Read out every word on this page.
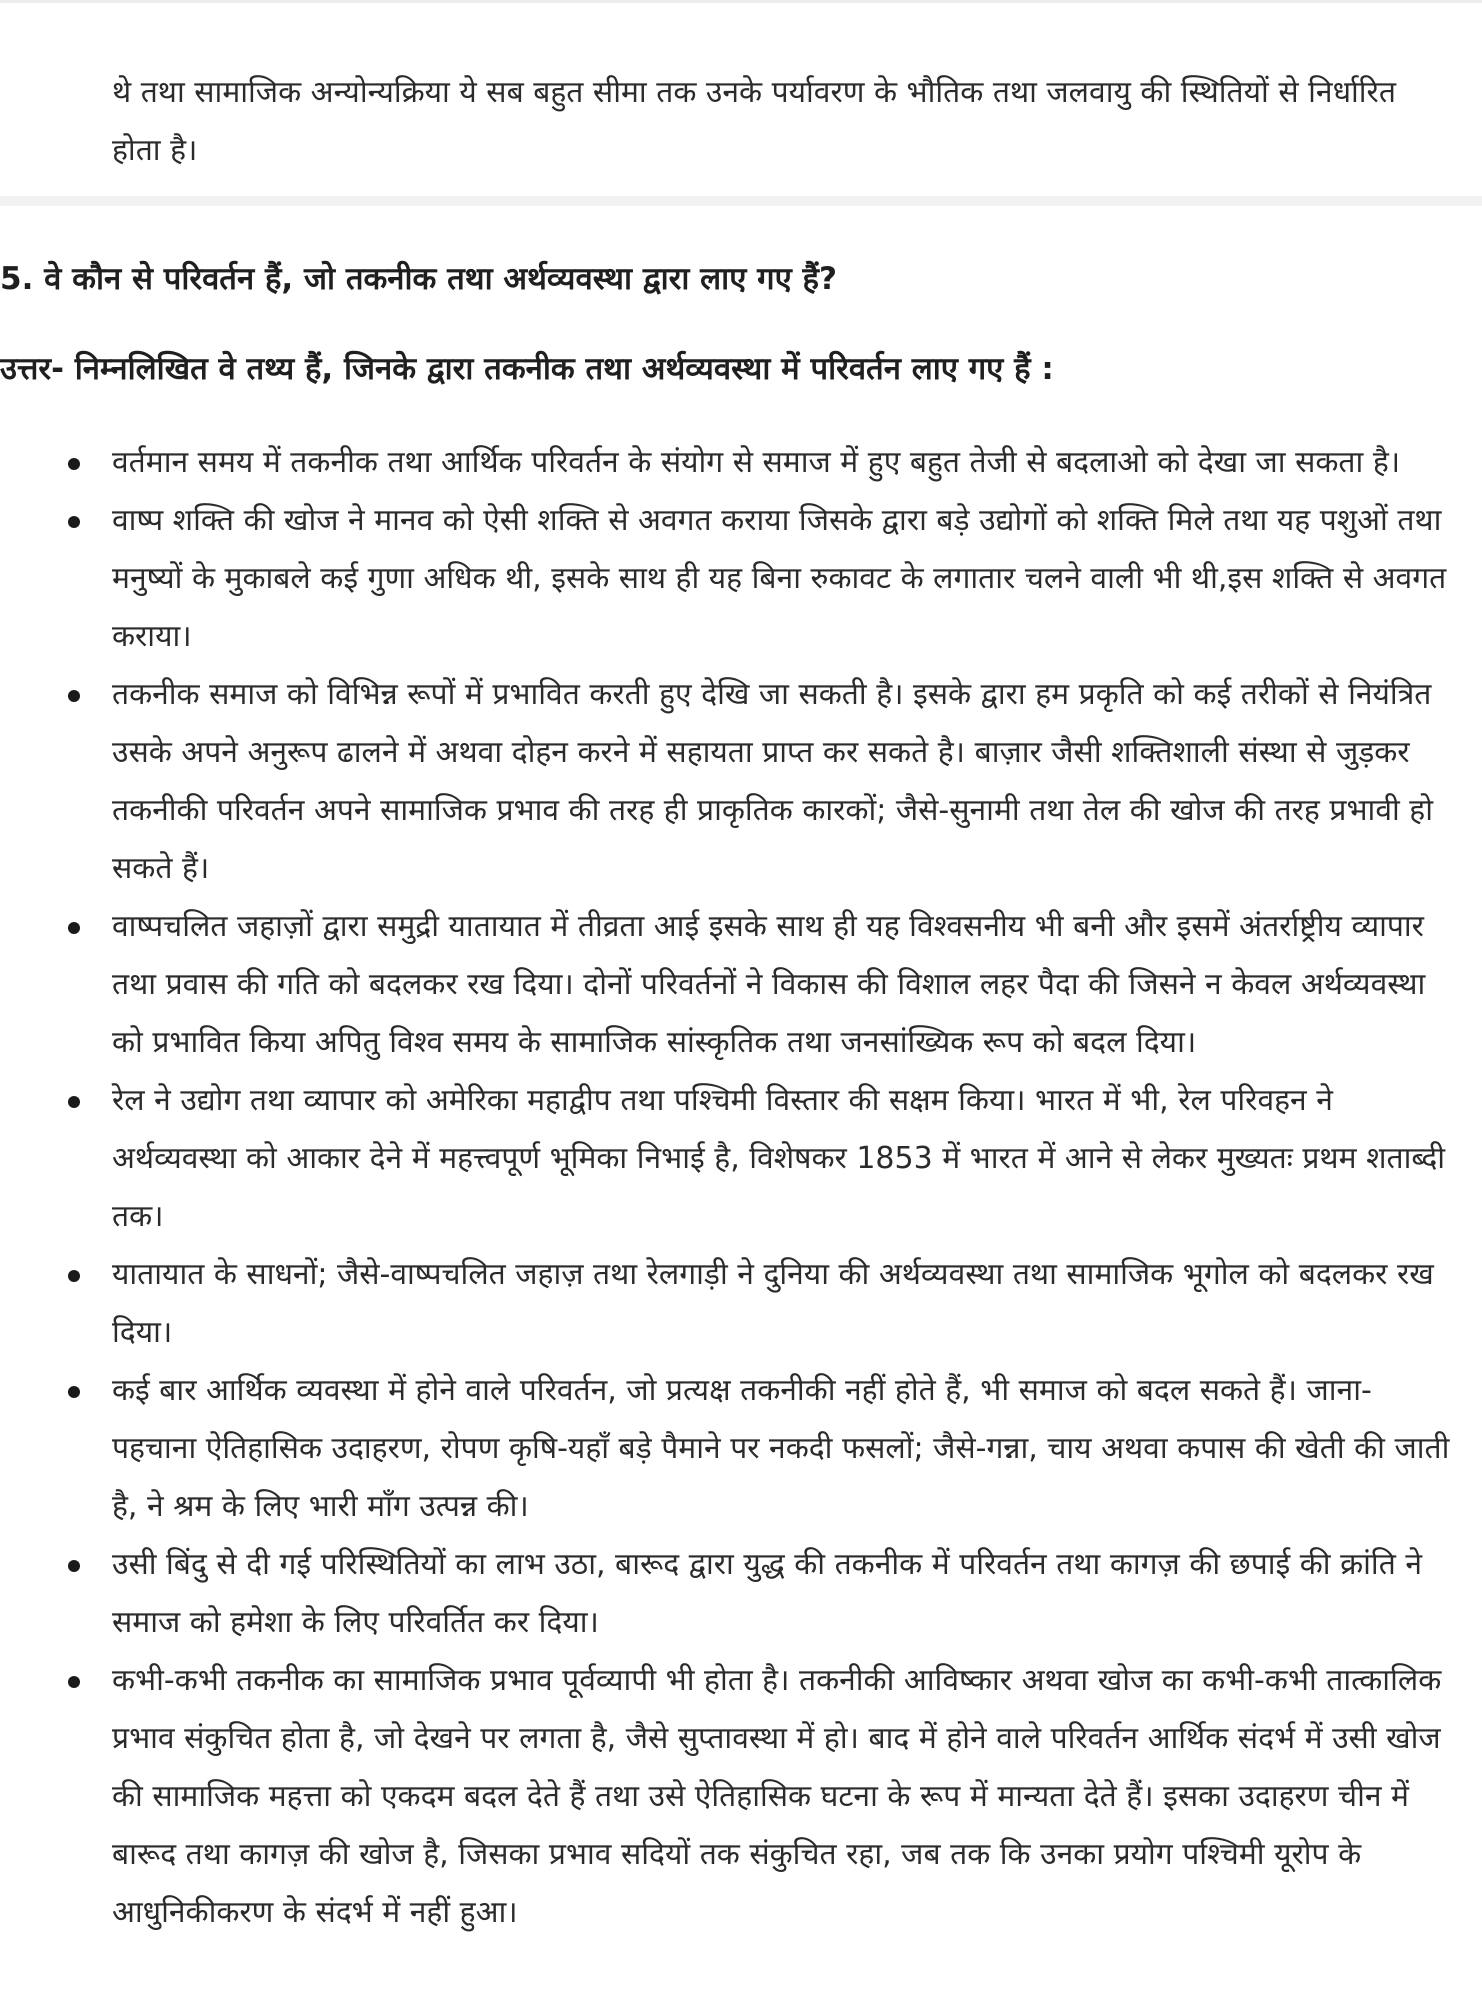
थे तथा सामाजिक अन्योन्यक्रिया ये सब बहुत सीमा तक उनके पर्यावरण के भौतिक तथा जलवायु की स्थितियों से निर्धारित होता है।

5. वे कौन से परिवर्तन हैं, जो तकनीक तथा अर्थव्यवस्था द्वारा लाए गए हैं?

उत्तर- निम्नलिखित वे तथ्य हैं, जिनके द्वारा तकनीक तथा अर्थव्यवस्था में परिवर्तन लाए गए हैं :

वर्तमान समय में तकनीक तथा आर्थिक परिवर्तन के संयोग से समाज में हुए बहुत तेजी से बदलाओ को देखा जा सकता है।
वाष्प शक्ति की खोज ने मानव को ऐसी शक्ति से अवगत कराया जिसके द्वारा बड़े उद्योगों को शक्ति मिले तथा यह पशुओं तथा मनुष्यों के मुकाबले कई गुणा अधिक थी, इसके साथ ही यह बिना रुकावट के लगातार चलने वाली भी थी,इस शक्ति से अवगत कराया।
तकनीक समाज को विभिन्न रूपों में प्रभावित करती हुए देखि जा सकती है। इसके द्वारा हम प्रकृति को कई तरीकों से नियंत्रित उसके अपने अनुरूप ढालने में अथवा दोहन करने में सहायता प्राप्त कर सकते है। बाज़ार जैसी शक्तिशाली संस्था से जुड़कर तकनीकी परिवर्तन अपने सामाजिक प्रभाव की तरह ही प्राकृतिक कारकों; जैसे-सुनामी तथा तेल की खोज की तरह प्रभावी हो सकते हैं।
वाष्पचलित जहाज़ों द्वारा समुद्री यातायात में तीव्रता आई इसके साथ ही यह विश्वसनीय भी बनी और इसमें अंतर्राष्ट्रीय व्यापार तथा प्रवास की गति को बदलकर रख दिया। दोनों परिवर्तनों ने विकास की विशाल लहर पैदा की जिसने न केवल अर्थव्यवस्था को प्रभावित किया अपितु विश्व समय के सामाजिक सांस्कृतिक तथा जनसांख्यिक रूप को बदल दिया।
रेल ने उद्योग तथा व्यापार को अमेरिका महाद्वीप तथा पश्चिमी विस्तार की सक्षम किया। भारत में भी, रेल परिवहन ने अर्थव्यवस्था को आकार देने में महत्त्वपूर्ण भूमिका निभाई है, विशेषकर 1853 में भारत में आने से लेकर मुख्यतः प्रथम शताब्दी तक।
यातायात के साधनों; जैसे-वाष्पचलित जहाज़ तथा रेलगाड़ी ने दुनिया की अर्थव्यवस्था तथा सामाजिक भूगोल को बदलकर रख दिया।
कई बार आर्थिक व्यवस्था में होने वाले परिवर्तन, जो प्रत्यक्ष तकनीकी नहीं होते हैं, भी समाज को बदल सकते हैं। जाना-पहचाना ऐतिहासिक उदाहरण, रोपण कृषि-यहाँ बड़े पैमाने पर नकदी फसलों; जैसे-गन्ना, चाय अथवा कपास की खेती की जाती है, ने श्रम के लिए भारी माँग उत्पन्न की।
उसी बिंदु से दी गई परिस्थितियों का लाभ उठा, बारूद द्वारा युद्ध की तकनीक में परिवर्तन तथा कागज़ की छपाई की क्रांति ने समाज को हमेशा के लिए परिवर्तित कर दिया।
कभी-कभी तकनीक का सामाजिक प्रभाव पूर्वव्यापी भी होता है। तकनीकी आविष्कार अथवा खोज का कभी-कभी तात्कालिक प्रभाव संकुचित होता है, जो देखने पर लगता है, जैसे सुप्तावस्था में हो। बाद में होने वाले परिवर्तन आर्थिक संदर्भ में उसी खोज की सामाजिक महत्ता को एकदम बदल देते हैं तथा उसे ऐतिहासिक घटना के रूप में मान्यता देते हैं। इसका उदाहरण चीन में बारूद तथा कागज़ की खोज है, जिसका प्रभाव सदियों तक संकुचित रहा, जब तक कि उनका प्रयोग पश्चिमी यूरोप के आधुनिकीकरण के संदर्भ में नहीं हुआ।
